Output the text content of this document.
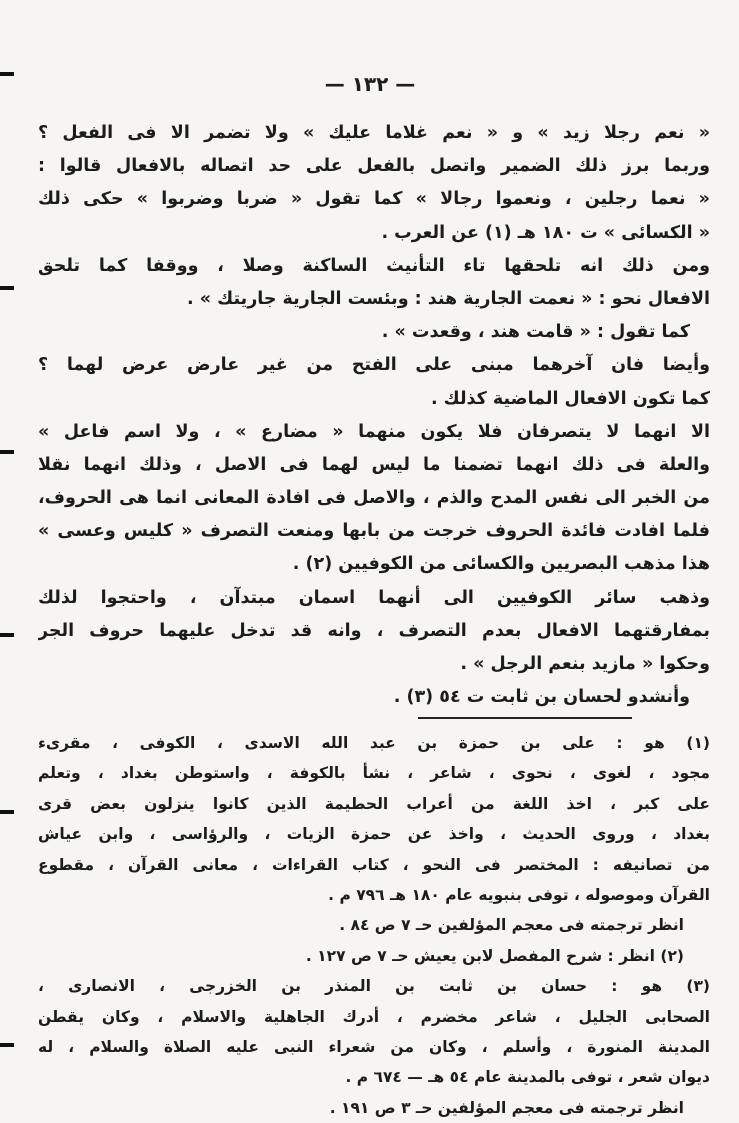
— ١٣٢ —
« نعم رجلا زيد » و « نعم غلاما عليك » ولا تضمر الا فى الفعل ؟
وربما برز ذلك الضمير واتصل بالفعل على حد اتصاله بالافعال قالوا :
« نعما رجلين ، ونعموا رجالا » كما تقول « ضربا وضربوا » حكى ذلك
« الكسائى » ت ١٨٠ هـ (١) عن العرب .
ومن ذلك انه تلحقها تاء التأنيث الساكنة وصلا ، ووقفا كما تلحق
الافعال نحو : « نعمت الجارية هند : وبئست الجارية جاريتك » .
كما تقول : « قامت هند ، وقعدت » .
وأيضا فان آخرهما مبنى على الفتح من غير عارض عرض لهما ؟
كما تكون الافعال الماضية كذلك .
الا انهما لا يتصرفان فلا يكون منهما « مضارع » ، ولا اسم فاعل »
والعلة فى ذلك انهما تضمنا ما ليس لهما فى الاصل ، وذلك انهما نقلا
من الخبر الى نفس المدح والذم ، والاصل فى افادة المعانى انما هى الحروف،
فلما افادت فائدة الحروف خرجت من بابها ومنعت التصرف « كليس وعسى »
هذا مذهب البصريين والكسائى من الكوفيين (٢) .
وذهب سائر الكوفيين الى أنهما اسمان مبتدآن ، واحتجوا لذلك
بمفارقتهما الافعال بعدم التصرف ، وانه قد تدخل عليهما حروف الجر
وحكوا « مازيد بنعم الرجل » .
وأنشدو لحسان بن ثابت ت ٥٤ (٣) .
(١) هو : على بن حمزة بن عبد الله الاسدى ، الكوفى ، مقرىء
مجود ، لغوى ، نحوى ، شاعر ، نشأ بالكوفة ، واستوطن بغداد ، وتعلم
على كبر ، اخذ اللغة من أعراب الحطيمة الذين كانوا ينزلون بعض قرى
بغداد ، وروى الحديث ، واخذ عن حمزة الزيات ، والرؤاسى ، وابن عياش
من تصانيفه : المختصر فى النحو ، كتاب القراءات ، معانى القرآن ، مقطوع
القرآن وموصوله ، توفى بنبويه عام ١٨٠ هـ ٧٩٦ م .
انظر ترجمته فى معجم المؤلفين حـ ٧ ص ٨٤ .
(٢) انظر : شرح المفصل لابن يعيش حـ ٧ ص ١٢٧ .
(٣) هو : حسان بن ثابت بن المنذر بن الخزرجى ، الانصارى ،
الصحابى الجليل ، شاعر مخضرم ، أدرك الجاهلية والاسلام ، وكان يقطن
المدينة المنورة ، وأسلم ، وكان من شعراء النبى عليه الصلاة والسلام ، له
ديوان شعر ، توفى بالمدينة عام ٥٤ هـ — ٦٧٤ م .
انظر ترجمته فى معجم المؤلفين حـ ٣ ص ١٩١ .
